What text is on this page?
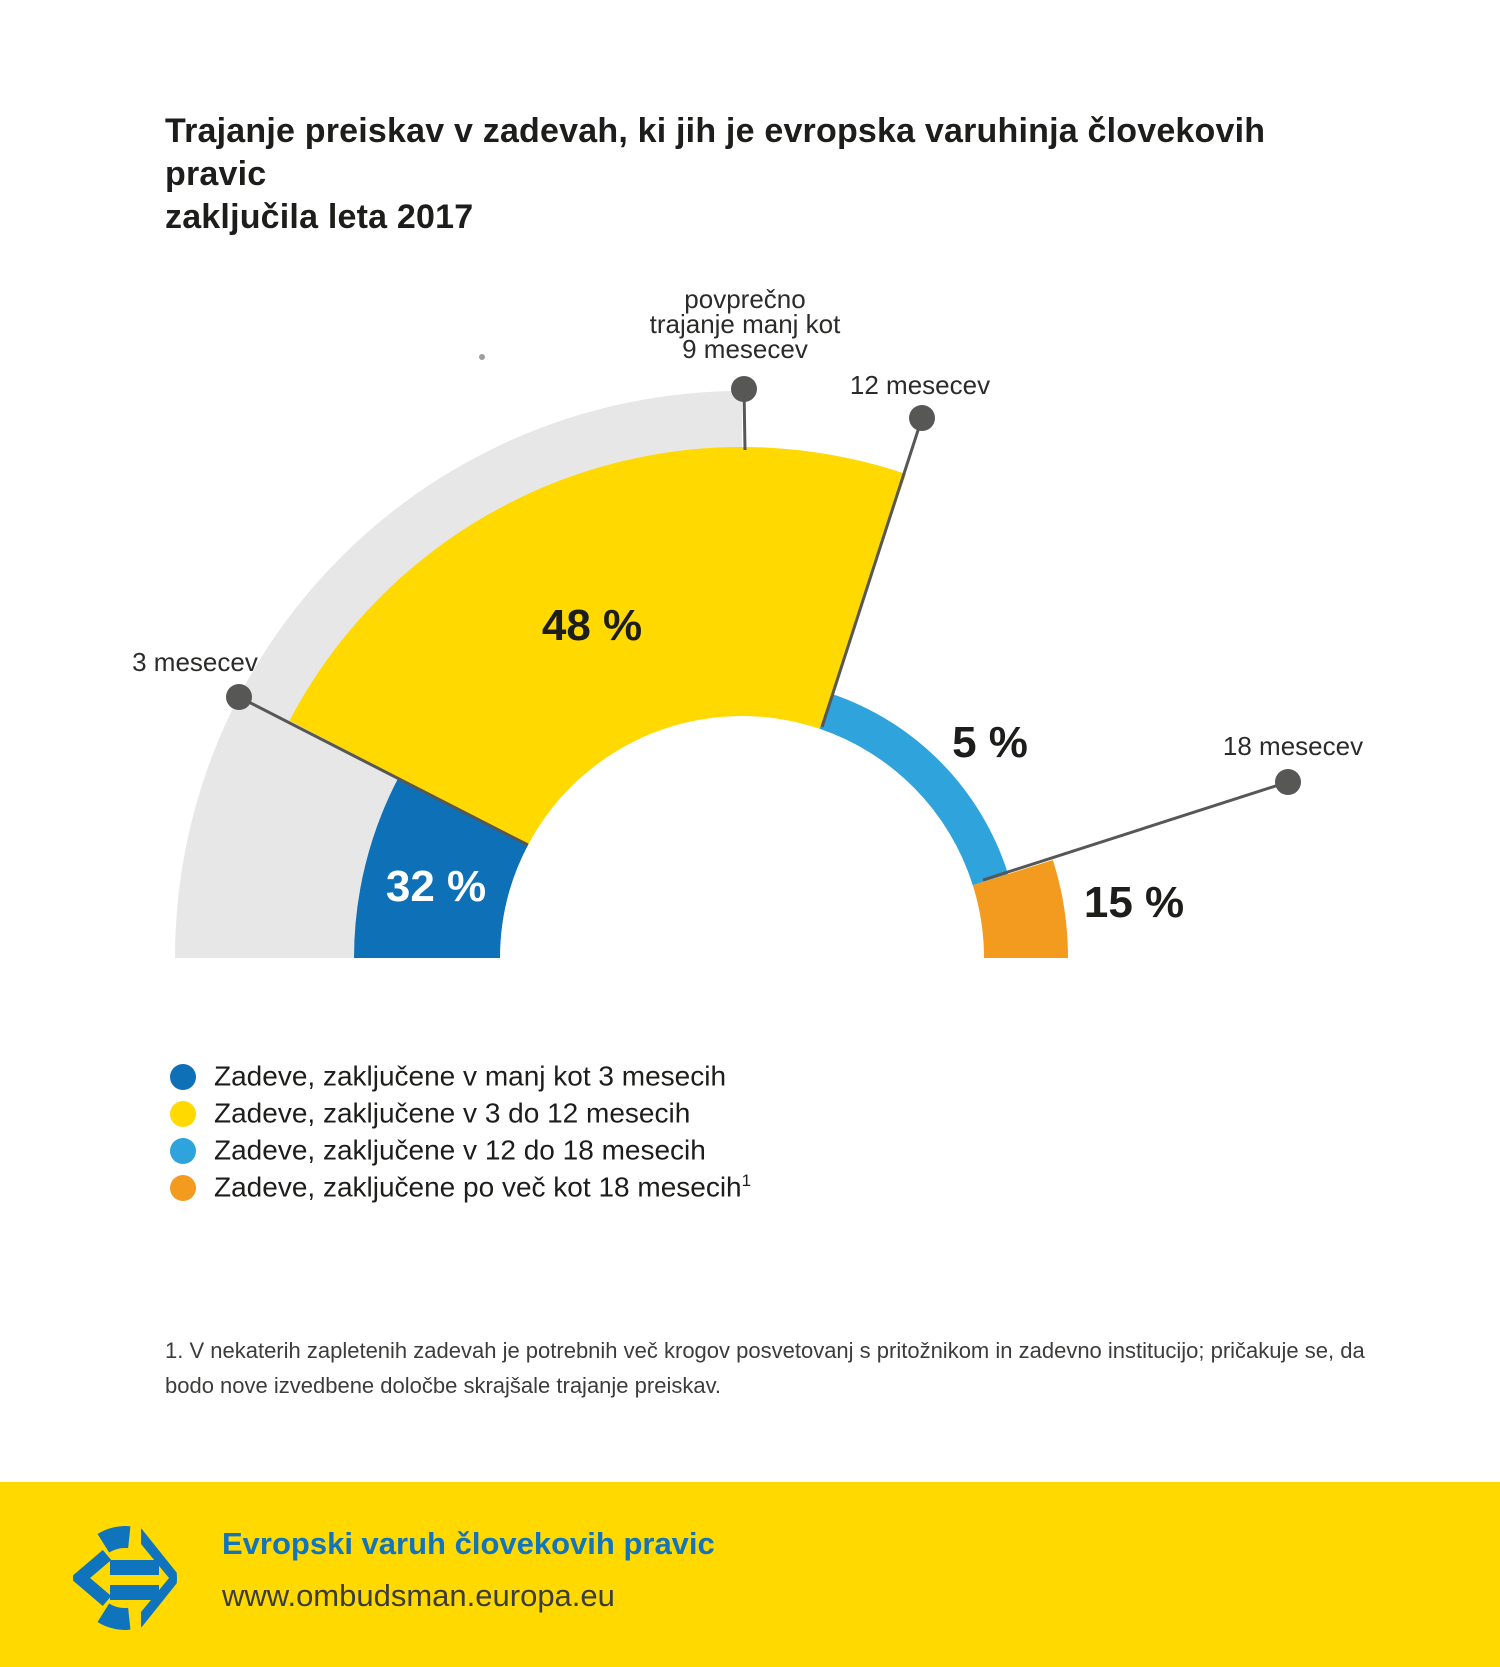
Trajanje preiskav v zadevah, ki jih je evropska varuhinja človekovih pravic
zaključila leta 2017
3 mesecev
povprečno
trajanje manj kot
9 mesecev
12 mesecev
18 mesecev
32 %
48 %
5 %
15 %
Zadeve, zaključene v manj kot 3 mesecih
Zadeve, zaključene v 3 do 12 mesecih
Zadeve, zaključene v 12 do 18 mesecih
Zadeve, zaključene po več kot 18 mesecih$^1$
1. V nekaterih zapletenih zadevah je potrebnih več krogov posvetovanj s pritožnikom in zadevno institucijo; pričakuje se, da bodo nove izvedbene določbe skrajšale trajanje preiskav.
Evropski varuh človekovih pravic
www.ombudsman.europa.eu
